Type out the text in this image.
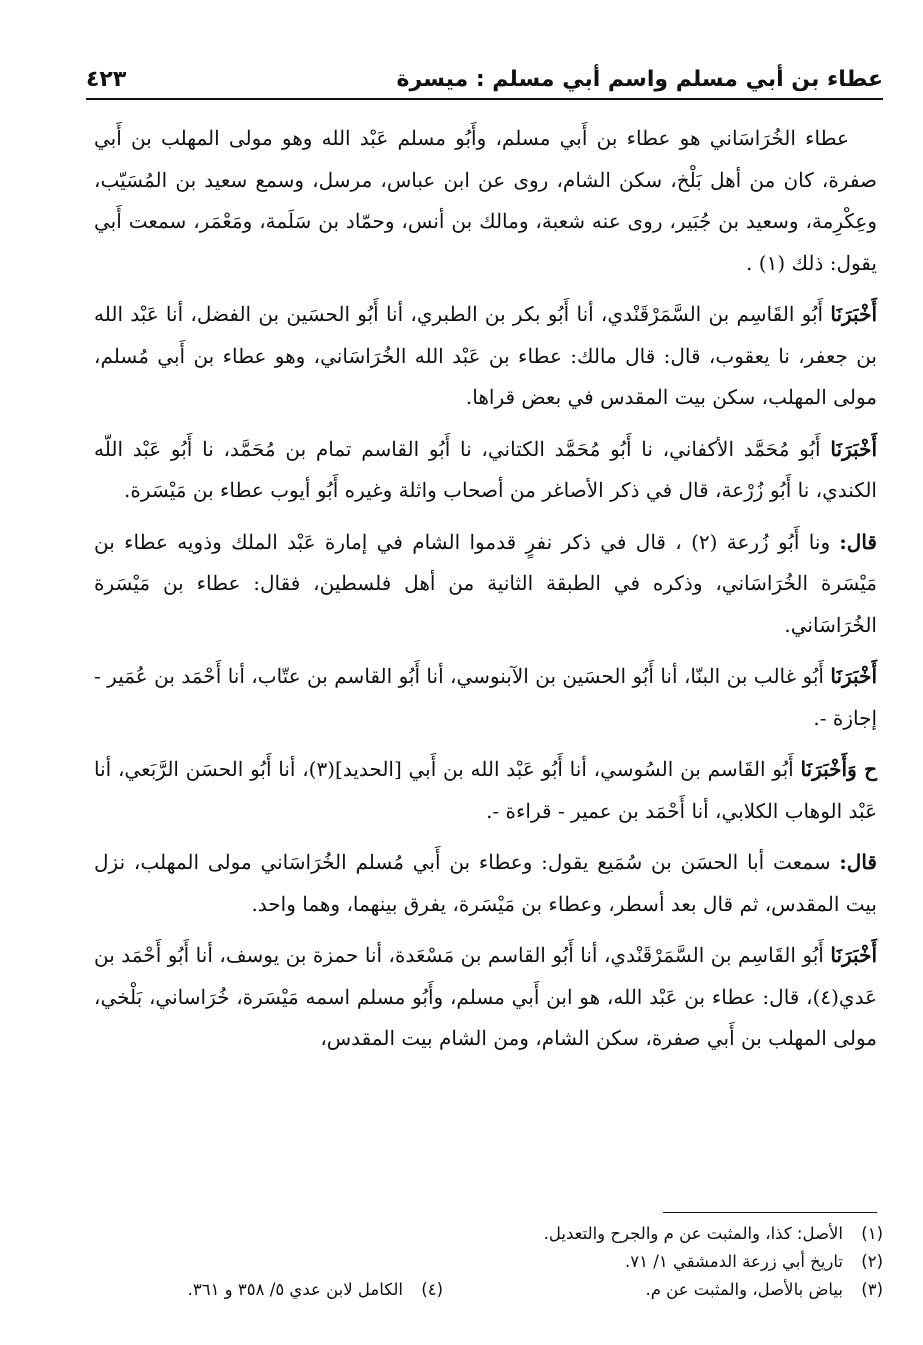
٤٢٣	عطاء بن أبي مسلم واسم أبي مسلم : ميسرة

عطاء الخُرَاسَاني هو عطاء بن أَبي مسلم، وأَبُو مسلم عَبْد الله وهو مولى المهلب بن أَبي صفرة، كان من أهل بَلْخ، سكن الشام، روى عن ابن عباس، مرسل، وسمع سعيد بن المُسَيّب، وعِكْرِمة، وسعيد بن جُبَير، روى عنه شعبة، ومالك بن أنس، وحمّاد بن سَلَمة، ومَعْمَر، سمعت أَبي يقول: ذلك (١) .

أَخْبَرَنَا أَبُو القَاسِم بن السَّمَرْقَنْدي، أنا أَبُو بكر بن الطبري، أنا أَبُو الحسَين بن الفضل، أنا عَبْد الله بن جعفر، نا يعقوب، قال: قال مالك: عطاء بن عَبْد الله الخُرَاسَاني، وهو عطاء بن أَبي مُسلم، مولى المهلب، سكن بيت المقدس في بعض قراها.

أَخْبَرَنَا أَبُو مُحَمَّد الأكفاني، نا أَبُو مُحَمَّد الكتاني، نا أَبُو القاسم تمام بن مُحَمَّد، نا أَبُو عَبْد اللّه الكندي، نا أَبُو زُرْعة، قال في ذكر الأصاغر من أصحاب واثلة وغيره أَبُو أيوب عطاء بن مَيْسَرة.

قال: ونا أَبُو زُرعة (٢) ، قال في ذكر نفرٍ قدموا الشام في إمارة عَبْد الملك وذويه عطاء بن مَيْسَرة الخُرَاسَاني، وذكره في الطبقة الثانية من أهل فلسطين، فقال: عطاء بن مَيْسَرة الخُرَاسَاني.

أَخْبَرَنَا أَبُو غالب بن البنّا، أنا أَبُو الحسَين بن الآبنوسي، أنا أَبُو القاسم بن عتّاب، أنا أَحْمَد بن عُمَير - إجازة -.

ح وَأَخْبَرَنَا أَبُو القَاسم بن السُوسي، أنا أَبُو عَبْد الله بن أَبي [الحديد](٣)، أنا أَبُو الحسَن الرَّبَعي، أنا عَبْد الوهاب الكلابي، أنا أَحْمَد بن عمير - قراءة -.

قال: سمعت أبا الحسَن بن سُمَيع يقول: وعطاء بن أَبي مُسلم الخُرَاسَاني مولى المهلب، نزل بيت المقدس، ثم قال بعد أسطر، وعطاء بن مَيْسَرة، يفرق بينهما، وهما واحد.

أَخْبَرَنَا أَبُو القَاسِم بن السَّمَرْقَنْدي، أنا أَبُو القاسم بن مَسْعَدة، أنا حمزة بن يوسف، أنا أَبُو أَحْمَد بن عَدي(٤)، قال: عطاء بن عَبْد الله، هو ابن أَبي مسلم، وأَبُو مسلم اسمه مَيْسَرة، خُرَاساني، بَلْخي، مولى المهلب بن أَبي صفرة، سكن الشام، ومن الشام بيت المقدس،

(١)الأصل: كذا، والمثبت عن م والجرح والتعديل.
(٢)تاريخ أبي زرعة الدمشقي ١/ ٧١.
(٣)بياض بالأصل، والمثبت عن م.
(٤)الكامل لابن عدي ٥/ ٣٥٨ و ٣٦١.
